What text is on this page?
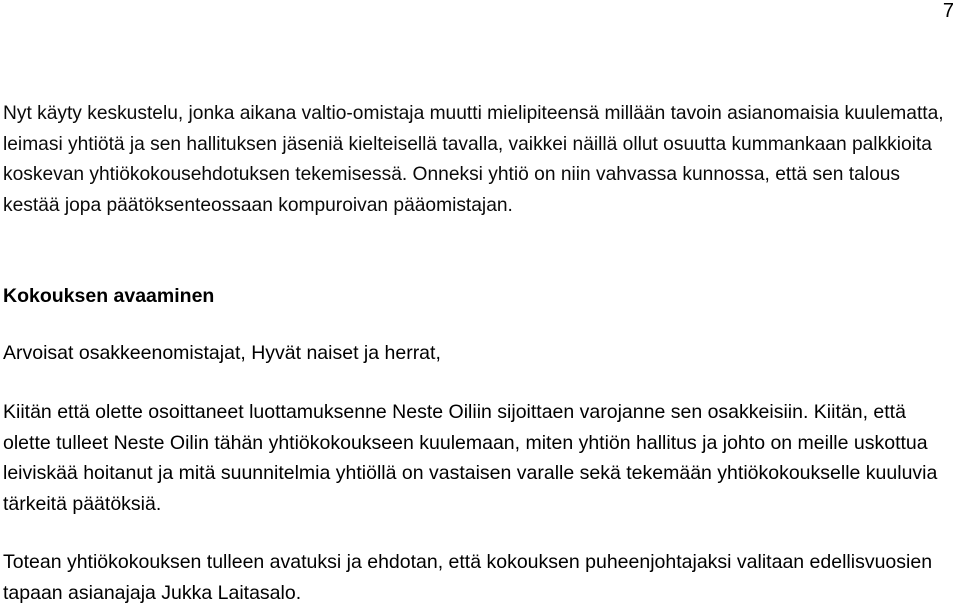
7

Nyt käyty keskustelu, jonka aikana valtio-omistaja muutti mielipiteensä millään tavoin asianomaisia kuulematta, leimasi yhtiötä ja sen hallituksen jäseniä kielteisellä tavalla, vaikkei näillä ollut osuutta kummankaan palkkioita koskevan yhtiökokousehdotuksen tekemisessä. Onneksi yhtiö on niin vahvassa kunnossa, että sen talous kestää jopa päätöksenteossaan kompuroivan pääomistajan.

Kokouksen avaaminen

Arvoisat osakkeenomistajat, Hyvät naiset ja herrat,

Kiitän että olette osoittaneet luottamuksenne Neste Oiliin sijoittaen varojanne sen osakkeisiin. Kiitän, että olette tulleet Neste Oilin tähän yhtiökokoukseen kuulemaan, miten yhtiön hallitus ja johto on meille uskottua leiviskää hoitanut ja mitä suunnitelmia yhtiöllä on vastaisen varalle sekä tekemään yhtiökokoukselle kuuluvia tärkeitä päätöksiä.

Totean yhtiökokouksen tulleen avatuksi ja ehdotan, että kokouksen puheenjohtajaksi valitaan edellisvuosien tapaan asianajaja Jukka Laitasalo.
